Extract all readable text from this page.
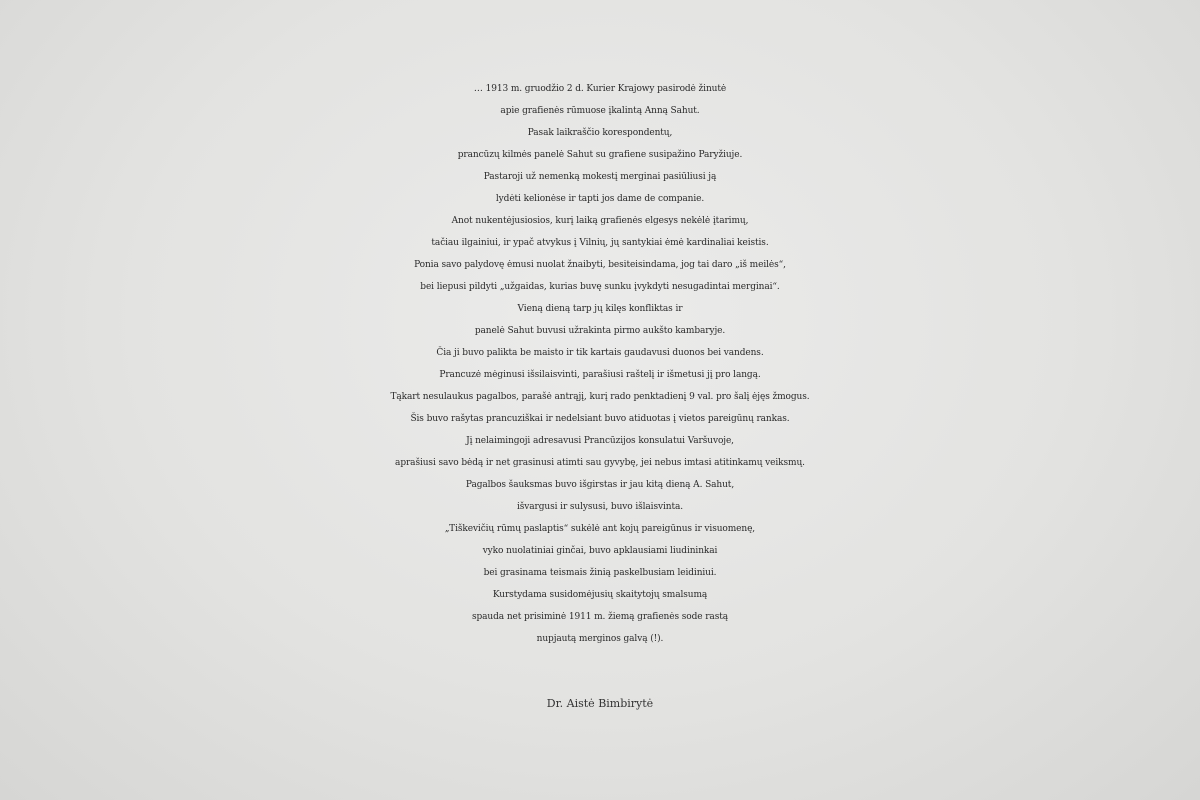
… 1913 m. gruodžio 2 d. Kurier Krajowy pasirodė žinutė
apie grafienės rūmuose įkalintą Anną Sahut.
Pasak laikraščio korespondentų,
prancūzų kilmės panelė Sahut su grafiene susipažino Paryžiuje.
Pastaroji už nemenką mokestį merginai pasiūliusi ją
lydėti kelionėse ir tapti jos dame de companie.
Anot nukentėjusiosios, kurį laiką grafienės elgesys nekėlė įtarimų,
tačiau ilgainiui, ir ypač atvykus į Vilnių, jų santykiai ėmė kardinaliai keistis.
Ponia savo palydovę ėmusi nuolat žnaibyti, besiteisindama, jog tai daro „iš meilės“,
bei liepusi pildyti „užgaidas, kurias buvę sunku įvykdyti nesugadintai merginai“.
Vieną dieną tarp jų kilęs konfliktas ir
panelė Sahut buvusi užrakinta pirmo aukšto kambaryje.
Čia ji buvo palikta be maisto ir tik kartais gaudavusi duonos bei vandens.
Prancuzė mėginusi išsilaisvinti, parašiusi raštelį ir išmetusi jį pro langą.
Tąkart nesulaukus pagalbos, parašė antrąjį, kurį rado penktadienį 9 val. pro šalį ėjęs žmogus.
Šis buvo rašytas prancuziškai ir nedelsiant buvo atiduotas į vietos pareigūnų rankas.
Jį nelaimingoji adresavusi Prancūzijos konsulatui Varšuvoje,
aprašiusi savo bėdą ir net grasinusi atimti sau gyvybę, jei nebus imtasi atitinkamų veiksmų.
Pagalbos šauksmas buvo išgirstas ir jau kitą dieną A. Sahut,
išvargusi ir sulysusi, buvo išlaisvinta.
„Tiškevičių rūmų paslaptis“ sukėlė ant kojų pareigūnus ir visuomenę,
vyko nuolatiniai ginčai, buvo apklausiami liudininkai
bei grasinama teismais žinią paskelbusiam leidiniui.
Kurstydama susidomėjusių skaitytojų smalsumą
spauda net prisiminė 1911 m. žiemą grafienės sode rastą
nupjautą merginos galvą (!).
Dr. Aistė Bimbirytė
